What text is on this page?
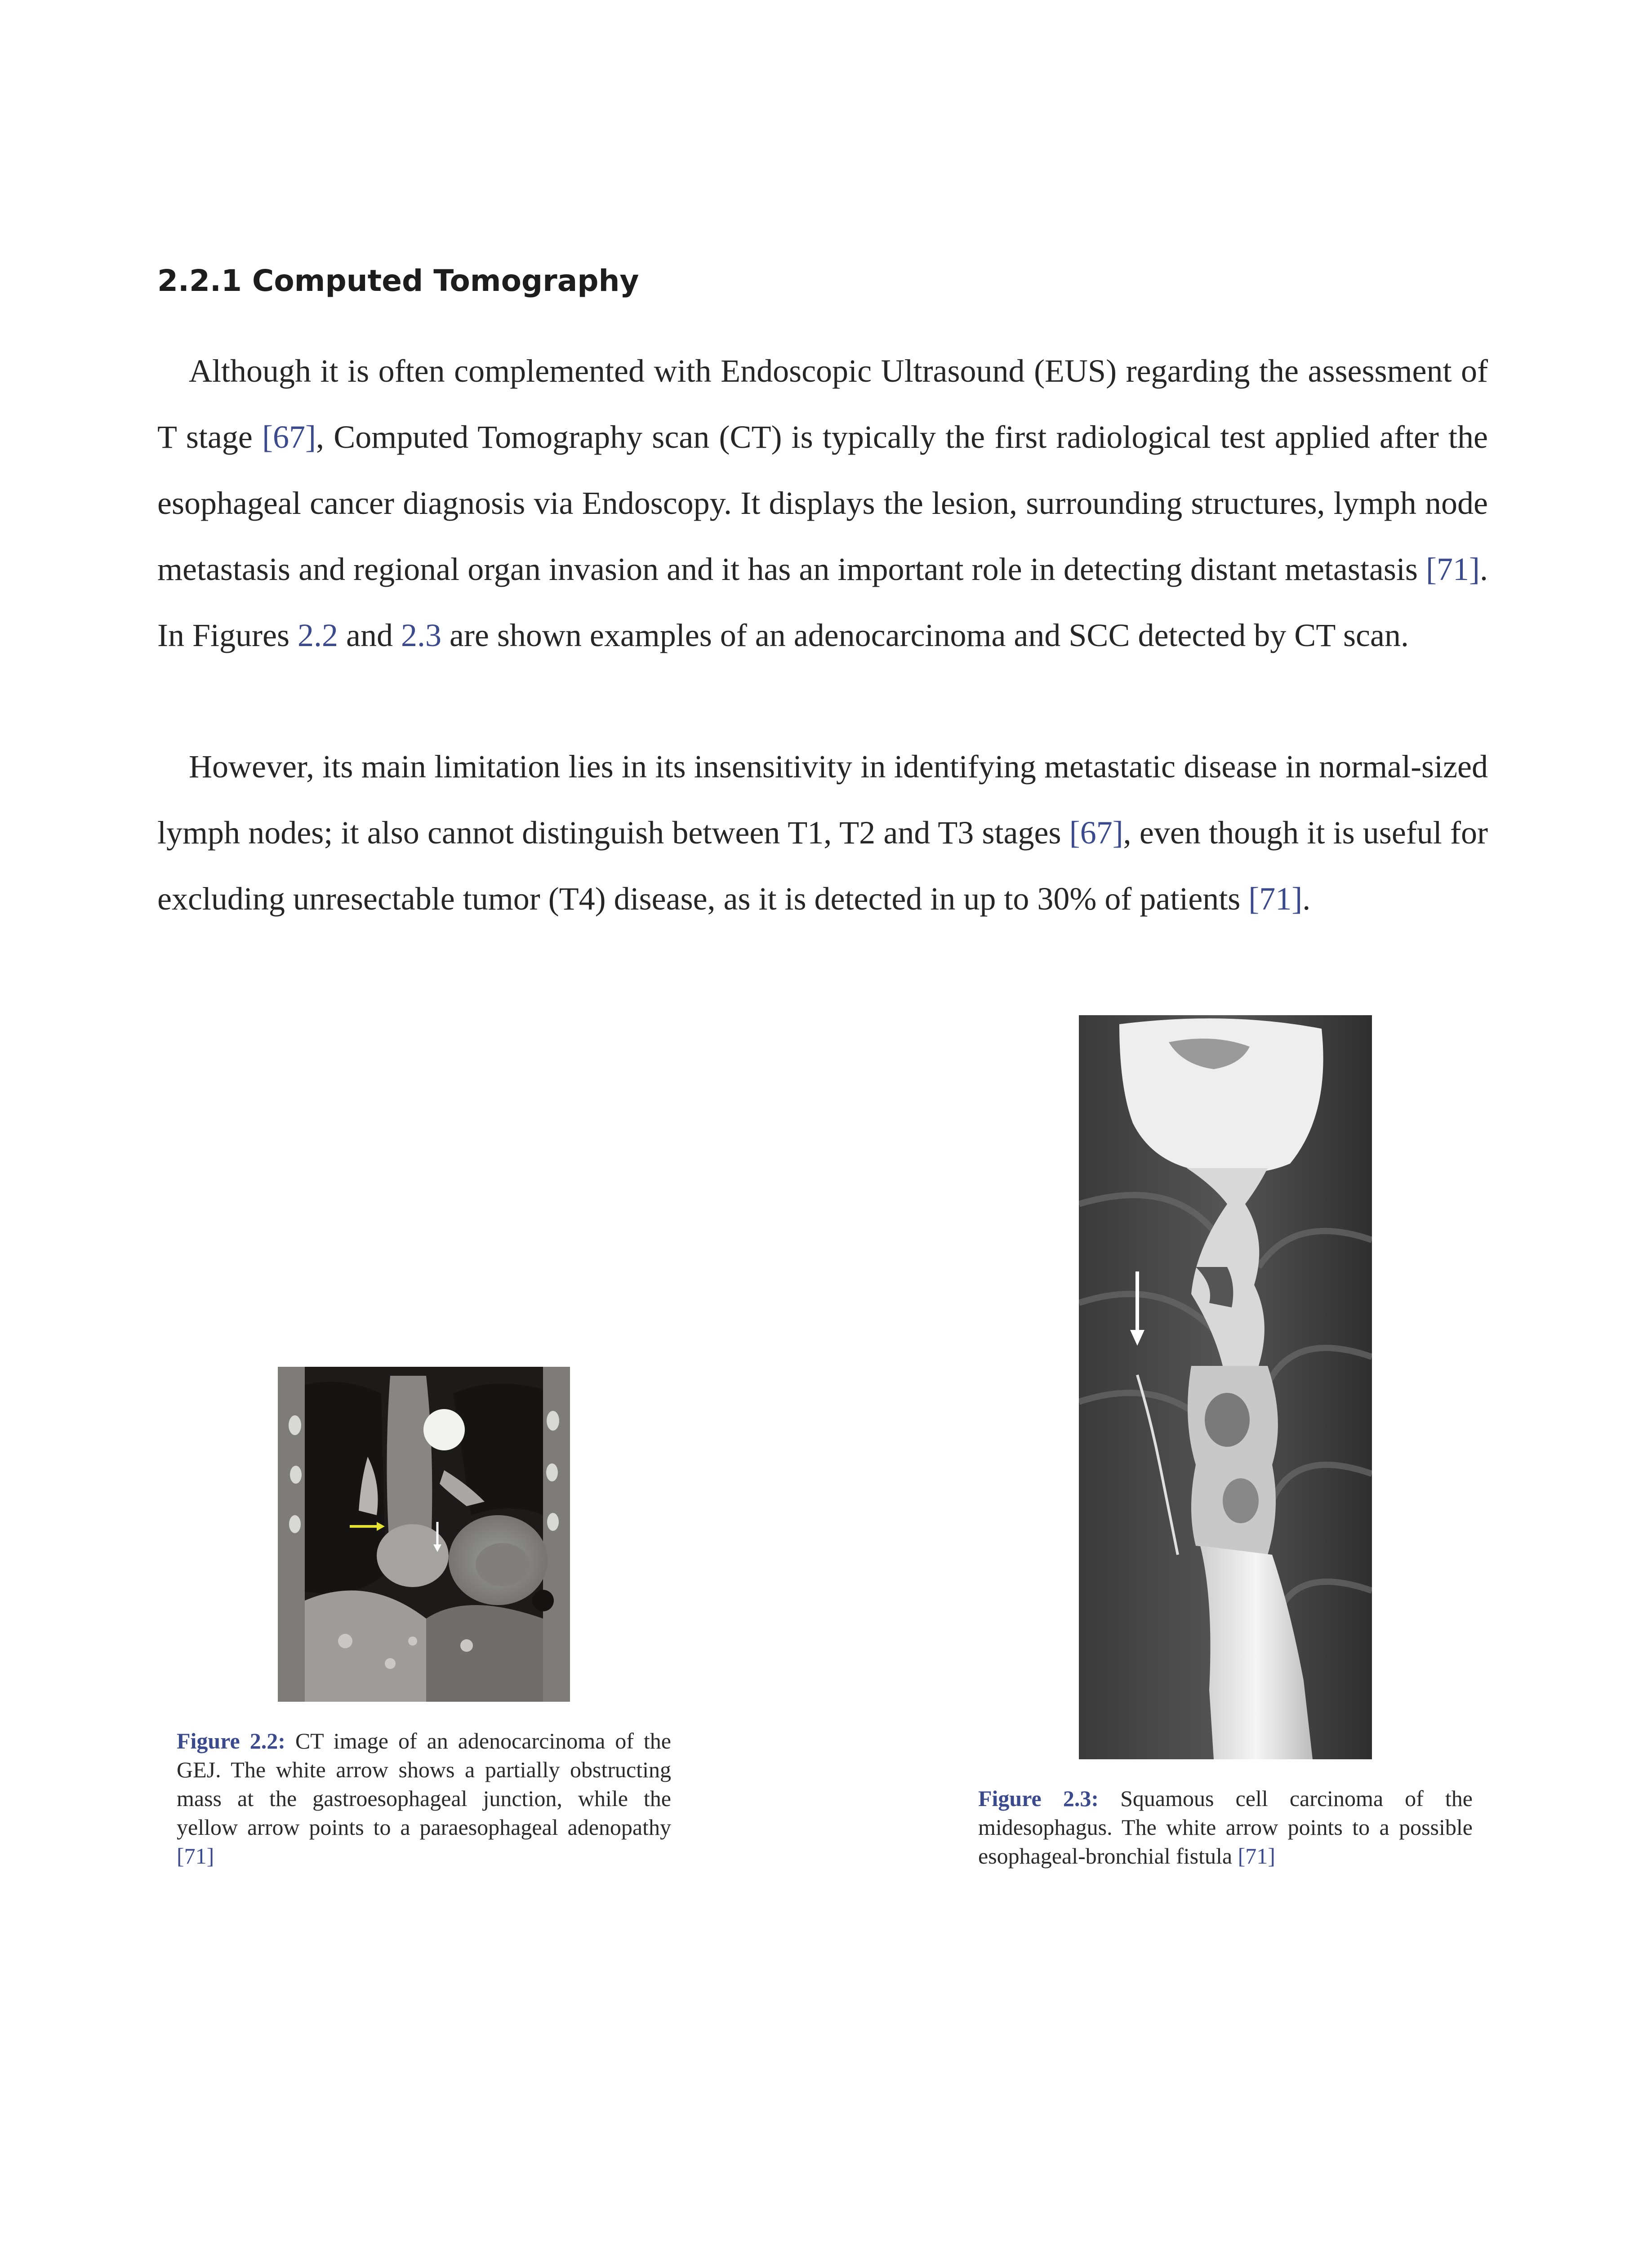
2.2.1 Computed Tomography

Although it is often complemented with Endoscopic Ultrasound (EUS) regarding the assessment of T stage [67], Computed Tomography scan (CT) is typically the first radiological test applied after the esophageal cancer diagnosis via Endoscopy. It displays the lesion, surrounding structures, lymph node metastasis and regional organ invasion and it has an important role in detecting distant metastasis [71]. In Figures 2.2 and 2.3 are shown examples of an adenocarcinoma and SCC detected by CT scan.

However, its main limitation lies in its insensitivity in identifying metastatic disease in normal-sized lymph nodes; it also cannot distinguish between T1, T2 and T3 stages [67], even though it is useful for excluding unresectable tumor (T4) disease, as it is detected in up to 30% of patients [71].

Figure 2.2: CT image of an adenocarcinoma of the GEJ. The white arrow shows a partially obstructing mass at the gastroesophageal junction, while the yellow arrow points to a paraesophageal adenopathy [71]

Figure 2.3: Squamous cell carcinoma of the midesophagus. The white arrow points to a possible esophageal-bronchial fistula [71]
